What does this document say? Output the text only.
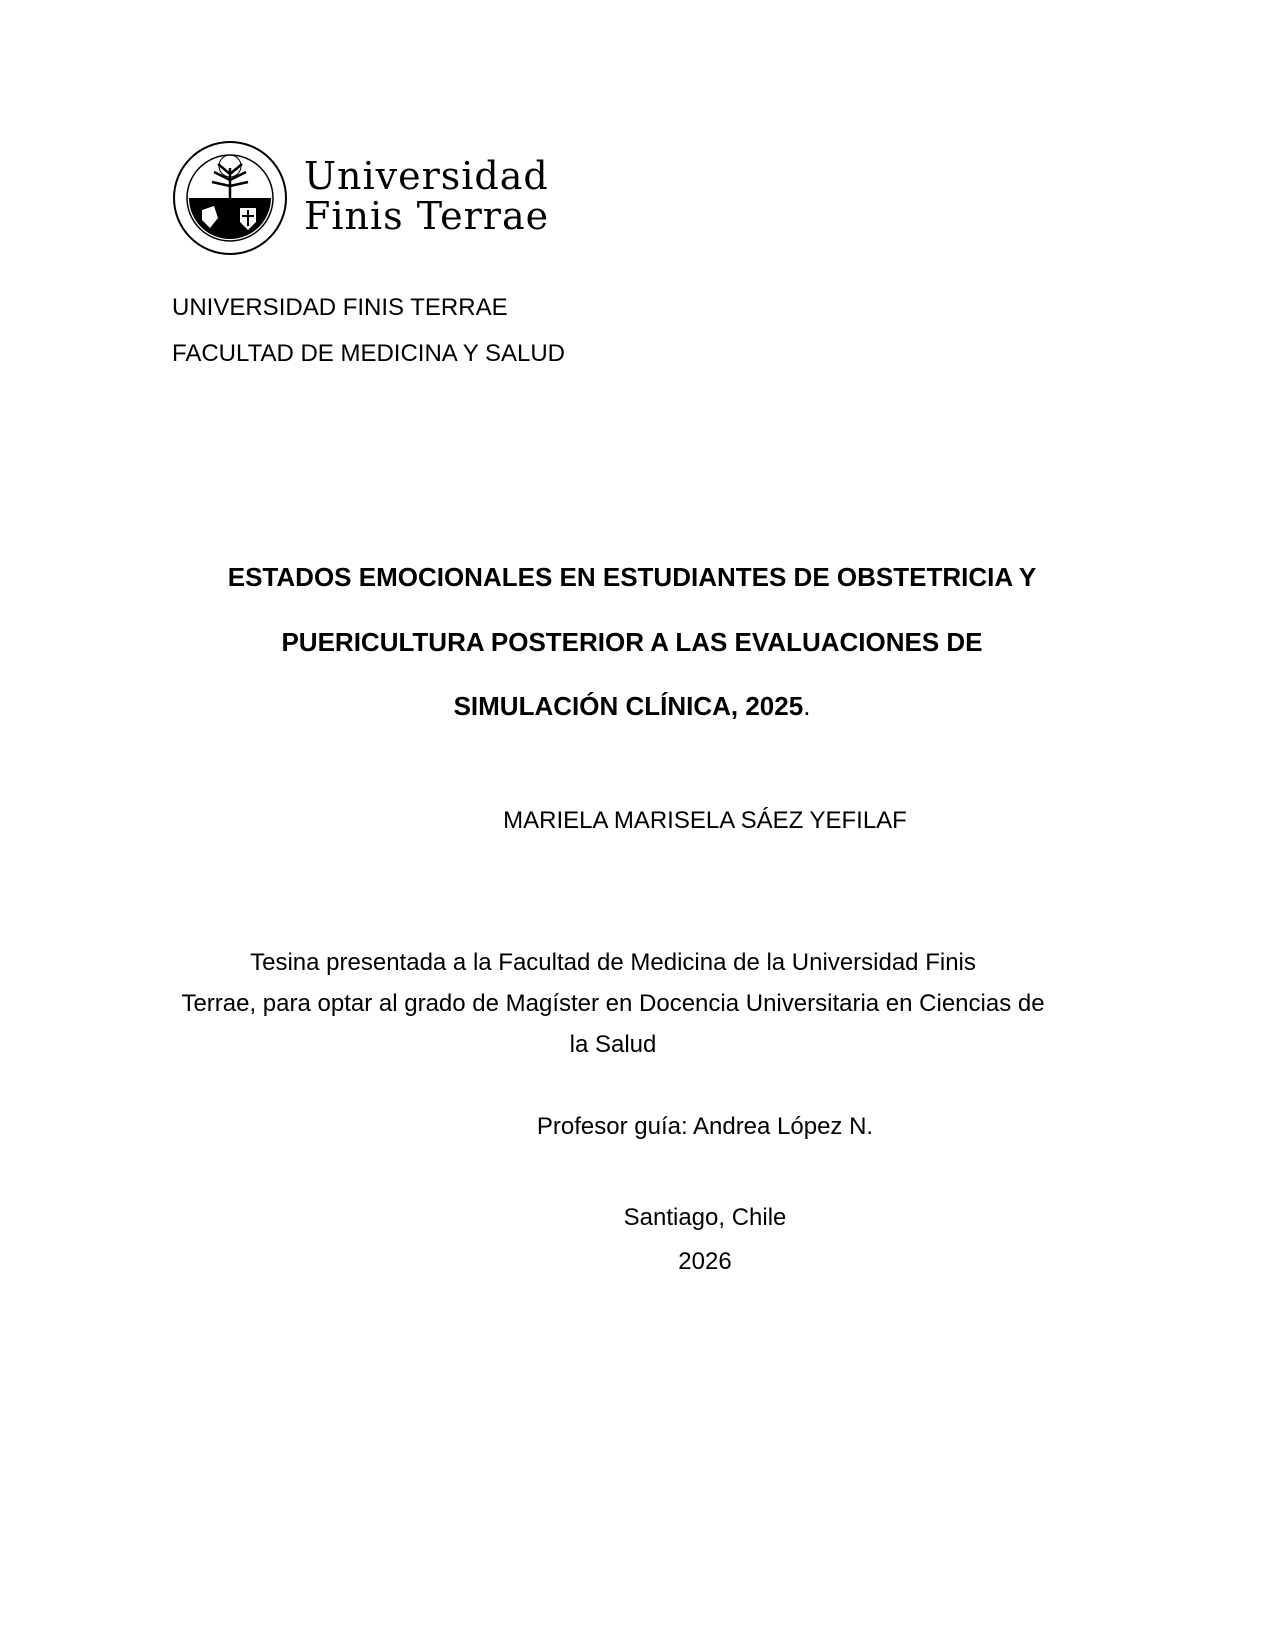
Universidad
Finis Terrae
UNIVERSIDAD FINIS TERRAE
FACULTAD DE MEDICINA Y SALUD
ESTADOS EMOCIONALES EN ESTUDIANTES DE OBSTETRICIA Y
PUERICULTURA POSTERIOR A LAS EVALUACIONES DE
SIMULACIÓN CLÍNICA, 2025.
MARIELA MARISELA SÁEZ YEFILAF
Tesina presentada a la Facultad de Medicina de la Universidad Finis
Terrae, para optar al grado de Magíster en Docencia Universitaria en Ciencias de
la Salud
Profesor guía: Andrea López N.
Santiago, Chile
2026
